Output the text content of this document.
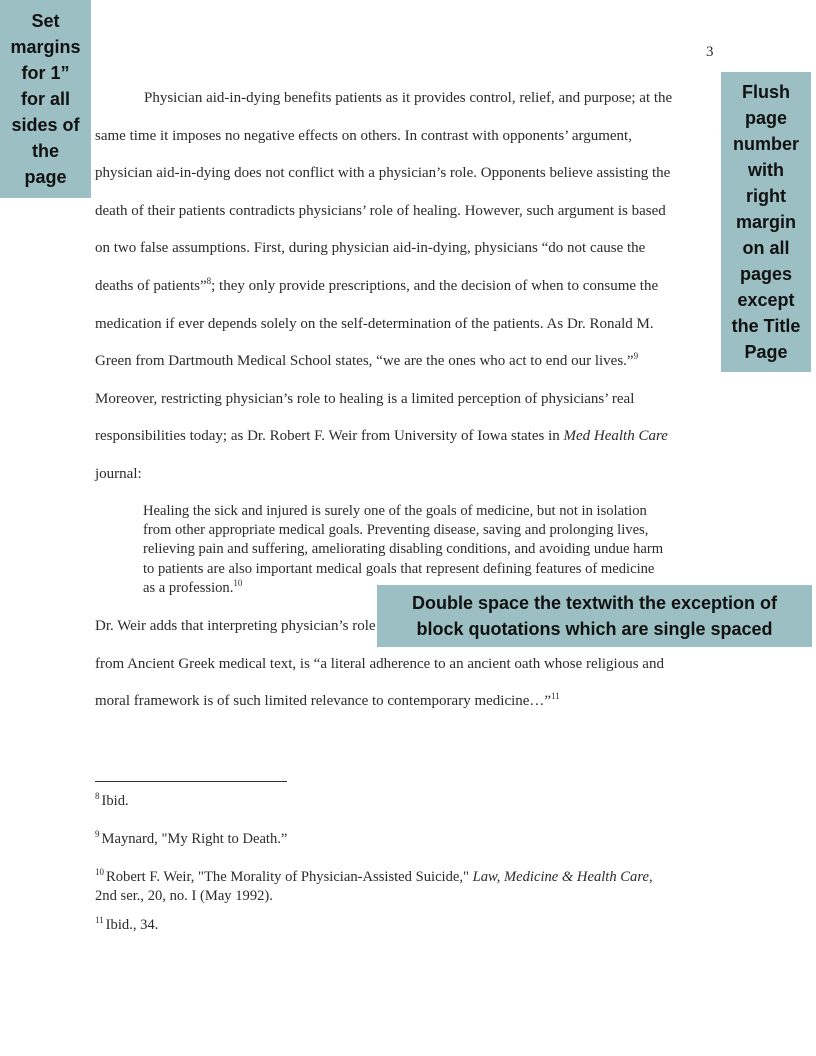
3
Physician aid-in-dying benefits patients as it provides control, relief, and purpose; at the
same time it imposes no negative effects on others. In contrast with opponents’ argument,
physician aid-in-dying does not conflict with a physician’s role. Opponents believe assisting the
death of their patients contradicts physicians’ role of healing. However, such argument is based
on two false assumptions. First, during physician aid-in-dying, physicians “do not cause the
deaths of patients”$^8$; they only provide prescriptions, and the decision of when to consume the
medication if ever depends solely on the self-determination of the patients. As Dr. Ronald M.
Green from Dartmouth Medical School states, “we are the ones who act to end our lives.”$^9$
Moreover, restricting physician’s role to healing is a limited perception of physicians’ real
responsibilities today; as Dr. Robert F. Weir from University of Iowa states in Med Health Care
journal:
Healing the sick and injured is surely one of the goals of medicine, but not in isolation
from other appropriate medical goals. Preventing disease, saving and prolonging lives,
relieving pain and suffering, ameliorating disabling conditions, and avoiding undue harm
to patients are also important medical goals that represent defining features of medicine
as a profession.$^{10}$
Dr. Weir adds that interpreting physician’s role
from Ancient Greek medical text, is “a literal adherence to an ancient oath whose religious and
moral framework is of such limited relevance to contemporary medicine…”$^{11}$
$^8$ Ibid.
$^9$ Maynard, "My Right to Death.”
$^{10}$ Robert F. Weir, "The Morality of Physician-Assisted Suicide," Law, Medicine & Health Care,
2nd ser., 20, no. I (May 1992).
$^{11}$ Ibid., 34.
Set
margins
for 1”
for all
sides of
the
page
Flush
page
number
with
right
margin
on all
pages
except
the Title
Page
Double space the textwith the exception of
block quotations which are single spaced
